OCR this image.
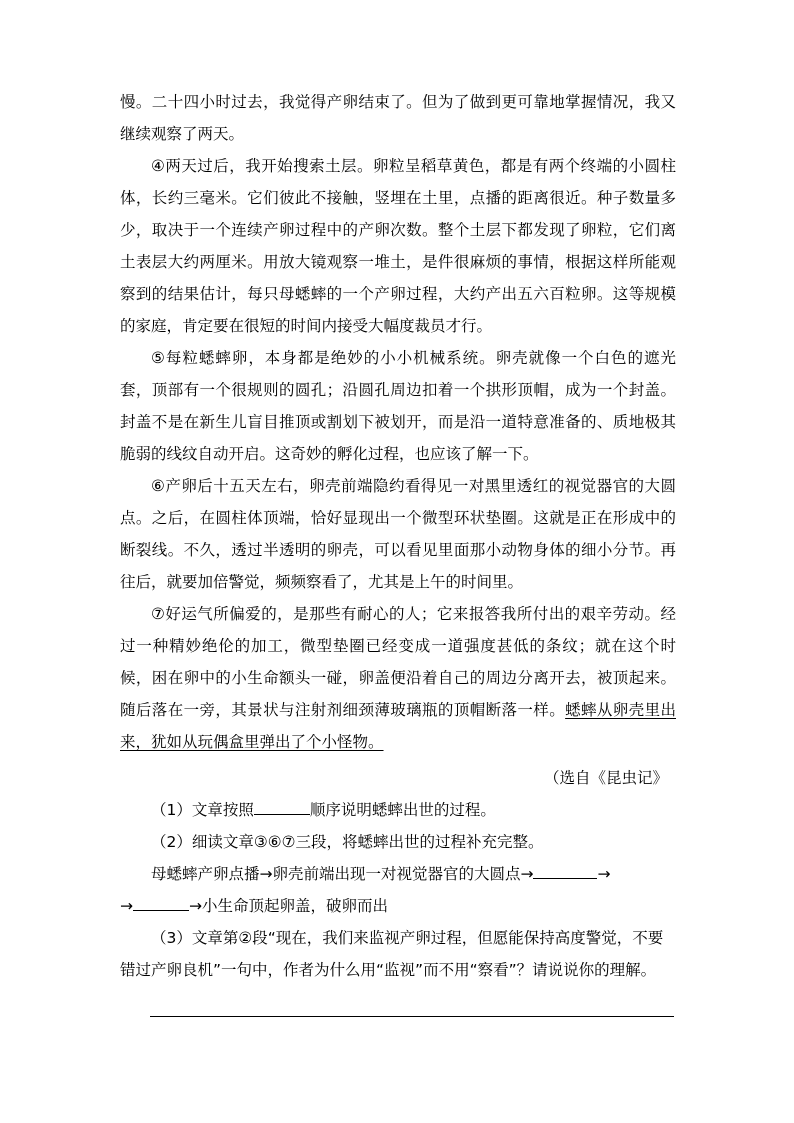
慢。二十四小时过去，我觉得产卵结束了。但为了做到更可靠地掌握情况，我又继续观察了两天。

④两天过后，我开始搜索土层。卵粒呈稻草黄色，都是有两个终端的小圆柱体，长约三毫米。它们彼此不接触，竖埋在土里，点播的距离很近。种子数量多少，取决于一个连续产卵过程中的产卵次数。整个土层下都发现了卵粒，它们离土表层大约两厘米。用放大镜观察一堆土，是件很麻烦的事情，根据这样所能观察到的结果估计，每只母蟋蟀的一个产卵过程，大约产出五六百粒卵。这等规模的家庭，肯定要在很短的时间内接受大幅度裁员才行。

⑤每粒蟋蟀卵，本身都是绝妙的小小机械系统。卵壳就像一个白色的遮光套，顶部有一个很规则的圆孔；沿圆孔周边扣着一个拱形顶帽，成为一个封盖。封盖不是在新生儿盲目推顶或割划下被划开，而是沿一道特意准备的、质地极其脆弱的线纹自动开启。这奇妙的孵化过程，也应该了解一下。

⑥产卵后十五天左右，卵壳前端隐约看得见一对黑里透红的视觉器官的大圆点。之后，在圆柱体顶端，恰好显现出一个微型环状垫圈。这就是正在形成中的断裂线。不久，透过半透明的卵壳，可以看见里面那小动物身体的细小分节。再往后，就要加倍警觉，频频察看了，尤其是上午的时间里。

⑦好运气所偏爱的，是那些有耐心的人；它来报答我所付出的艰辛劳动。经过一种精妙绝伦的加工，微型垫圈已经变成一道强度甚低的条纹；就在这个时候，困在卵中的小生命额头一碰，卵盖便沿着自己的周边分离开去，被顶起来。随后落在一旁，其景状与注射剂细颈薄玻璃瓶的顶帽断落一样。蟋蟀从卵壳里出来，犹如从玩偶盒里弹出了个小怪物。

（选自《昆虫记》

（1）文章按照	顺序说明蟋蟀出世的过程。

（2）细读文章③⑥⑦三段，将蟋蟀出世的过程补充完整。

母蟋蟀产卵点播→卵壳前端出现一对视觉器官的大圆点→	→

→	→小生命顶起卵盖，破卵而出

（3）文章第②段“现在，我们来监视产卵过程，但愿能保持高度警觉，不要错过产卵良机”一句中，作者为什么用“监视”而不用“察看”？请说说你的理解。
